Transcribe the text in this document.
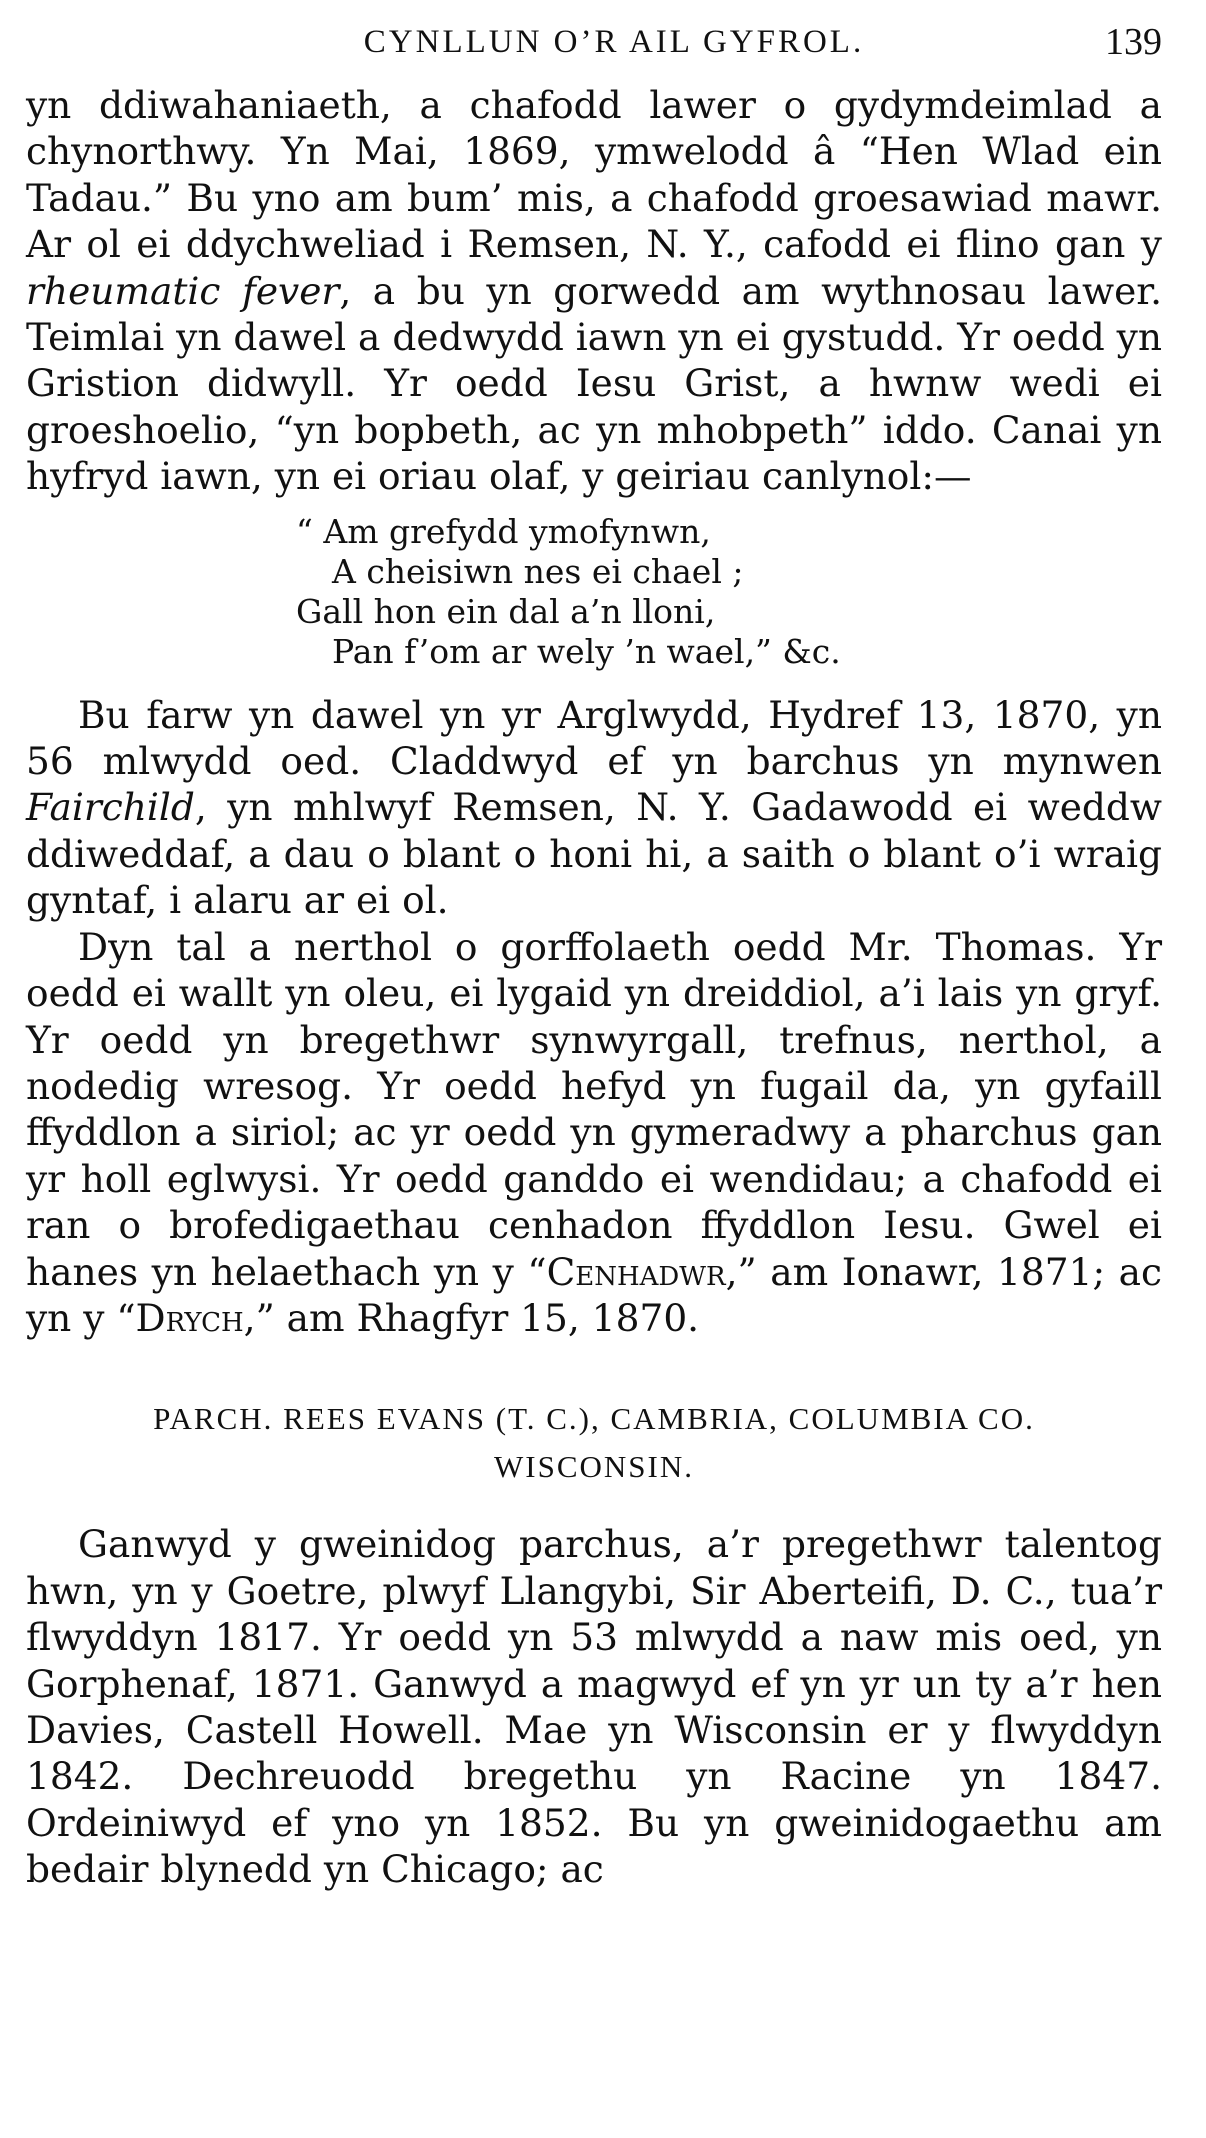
CYNLLUN O’R AIL GYFROL.	139

yn ddiwahaniaeth, a chafodd lawer o gydymdeimlad a chynorthwy. Yn Mai, 1869, ymwelodd â “Hen Wlad ein Tadau.” Bu yno am bum’ mis, a chafodd groesawiad mawr. Ar ol ei ddychweliad i Remsen, N. Y., cafodd ei flino gan y rheumatic fever, a bu yn gorwedd am wythnosau lawer. Teimlai yn dawel a dedwydd iawn yn ei gystudd. Yr oedd yn Gristion didwyll. Yr oedd Iesu Grist, a hwnw wedi ei groeshoelio, “yn bopbeth, ac yn mhobpeth” iddo. Canai yn hyfryd iawn, yn ei oriau olaf, y geiriau canlynol:—

“ Am grefydd ymofynwn,
A cheisiwn nes ei chael ;
Gall hon ein dal a’n lloni,
Pan f’om ar wely ’n wael,” &c.

Bu farw yn dawel yn yr Arglwydd, Hydref 13, 1870, yn 56 mlwydd oed. Claddwyd ef yn barchus yn mynwen Fairchild, yn mhlwyf Remsen, N. Y. Gadawodd ei weddw ddiweddaf, a dau o blant o honi hi, a saith o blant o’i wraig gyntaf, i alaru ar ei ol.

Dyn tal a nerthol o gorffolaeth oedd Mr. Thomas. Yr oedd ei wallt yn oleu, ei lygaid yn dreiddiol, a’i lais yn gryf. Yr oedd yn bregethwr synwyrgall, trefnus, nerthol, a nodedig wresog. Yr oedd hefyd yn fugail da, yn gyfaill ffyddlon a siriol; ac yr oedd yn gymeradwy a pharchus gan yr holl eglwysi. Yr oedd ganddo ei wendidau; a chafodd ei ran o brofedigaethau cenhadon ffyddlon Iesu. Gwel ei hanes yn helaethach yn y “Cenhadwr,” am Ionawr, 1871; ac yn y “Drych,” am Rhagfyr 15, 1870.

PARCH. REES EVANS (T. C.), CAMBRIA, COLUMBIA CO.
WISCONSIN.

Ganwyd y gweinidog parchus, a’r pregethwr talentog hwn, yn y Goetre, plwyf Llangybi, Sir Aberteifi, D. C., tua’r flwyddyn 1817. Yr oedd yn 53 mlwydd a naw mis oed, yn Gorphenaf, 1871. Ganwyd a magwyd ef yn yr un ty a’r hen Davies, Castell Howell. Mae yn Wisconsin er y flwyddyn 1842. Dechreuodd bregethu yn Racine yn 1847. Ordeiniwyd ef yno yn 1852. Bu yn gweinidogaethu am bedair blynedd yn Chicago; ac
